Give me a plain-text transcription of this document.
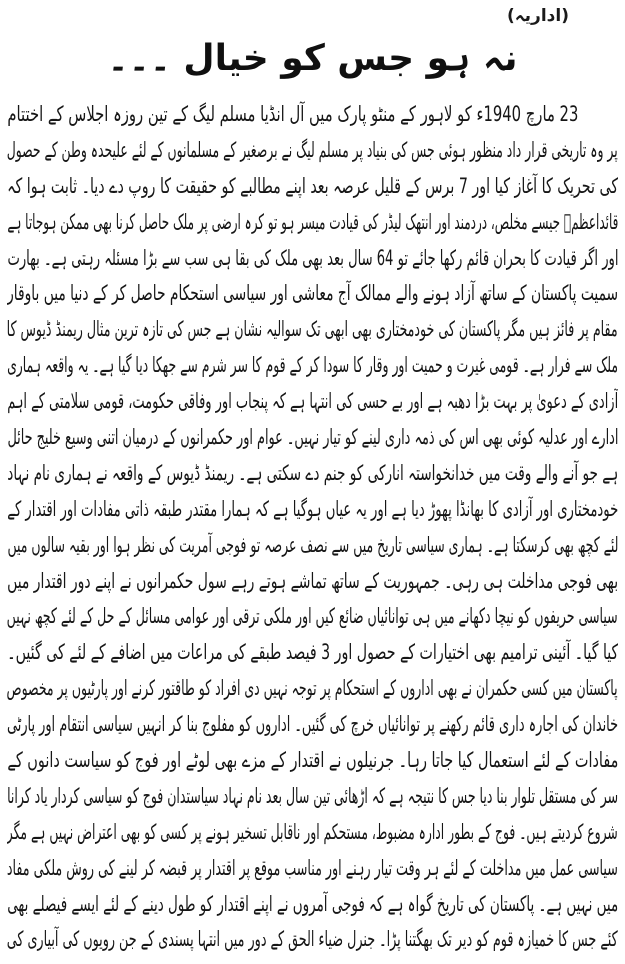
(اداریہ)
نہ ہو جس کو خیال ۔۔۔
23 مارچ 1940ء کو لاہور کے منٹو پارک میں آل انڈیا مسلم لیگ کے تین روزہ اجلاس کے اختتام
پر وہ تاریخی قرار داد منظور ہوئی جس کی بنیاد پر مسلم لیگ نے برصغیر کے مسلمانوں کے لئے علیحدہ وطن کے حصول
کی تحریک کا آغاز کیا اور 7 برس کے قلیل عرصہ بعد اپنے مطالبے کو حقیقت کا روپ دے دیا۔ ثابت ہوا کہ
قائداعظمؒ جیسے مخلص، دردمند اور انتھک لیڈر کی قیادت میسر ہو تو کرہ ارضی پر ملک حاصل کرنا بھی ممکن ہوجاتا ہے
اور اگر قیادت کا بحران قائم رکھا جائے تو 64 سال بعد بھی ملک کی بقا ہی سب سے بڑا مسئلہ رہتی ہے۔ بھارت
سمیت پاکستان کے ساتھ آزاد ہونے والے ممالک آج معاشی اور سیاسی استحکام حاصل کر کے دنیا میں باوقار
مقام پر فائز ہیں مگر پاکستان کی خودمختاری بھی ابھی تک سوالیہ نشان ہے جس کی تازہ ترین مثال ریمنڈ ڈیوس کا
ملک سے فرار ہے۔ قومی غیرت و حمیت اور وقار کا سودا کر کے قوم کا سر شرم سے جھکا دیا گیا ہے۔ یہ واقعہ ہماری
آزادی کے دعویٰ پر بہت بڑا دھبہ ہے اور بے حسی کی انتہا ہے کہ پنجاب اور وفاقی حکومت، قومی سلامتی کے اہم
ادارے اور عدلیہ کوئی بھی اس کی ذمہ داری لینے کو تیار نہیں۔ عوام اور حکمرانوں کے درمیان اتنی وسیع خلیج حائل
ہے جو آنے والے وقت میں خدانخواستہ انارکی کو جنم دے سکتی ہے۔ ریمنڈ ڈیوس کے واقعہ نے ہماری نام نہاد
خودمختاری اور آزادی کا بھانڈا پھوڑ دیا ہے اور یہ عیاں ہوگیا ہے کہ ہمارا مقتدر طبقہ ذاتی مفادات اور اقتدار کے
لئے کچھ بھی کرسکتا ہے۔ ہماری سیاسی تاریخ میں سے نصف عرصہ تو فوجی آمریت کی نظر ہوا اور بقیہ سالوں میں
بھی فوجی مداخلت ہی رہی۔ جمہوریت کے ساتھ تماشے ہوتے رہے سول حکمرانوں نے اپنے دور اقتدار میں
سیاسی حریفوں کو نیچا دکھانے میں ہی توانائیاں ضائع کیں اور ملکی ترقی اور عوامی مسائل کے حل کے لئے کچھ نہیں
کیا گیا۔ آئینی ترامیم بھی اختیارات کے حصول اور 3 فیصد طبقے کی مراعات میں اضافے کے لئے کی گئیں۔
پاکستان میں کسی حکمران نے بھی اداروں کے استحکام پر توجہ نہیں دی افراد کو طاقتور کرنے اور پارٹیوں پر مخصوص
خاندان کی اجارہ داری قائم رکھنے پر توانائیاں خرچ کی گئیں۔ اداروں کو مفلوج بنا کر انہیں سیاسی انتقام اور پارٹی
مفادات کے لئے استعمال کیا جاتا رہا۔ جرنیلوں نے اقتدار کے مزے بھی لوٹے اور فوج کو سیاست دانوں کے
سر کی مستقل تلوار بنا دیا جس کا نتیجہ ہے کہ اڑھائی تین سال بعد نام نہاد سیاستدان فوج کو سیاسی کردار یاد کرانا
شروع کردیتے ہیں۔ فوج کے بطور ادارہ مضبوط، مستحکم اور ناقابل تسخیر ہونے پر کسی کو بھی اعتراض نہیں ہے مگر
سیاسی عمل میں مداخلت کے لئے ہر وقت تیار رہنے اور مناسب موقع پر اقتدار پر قبضہ کر لینے کی روش ملکی مفاد
میں نہیں ہے۔ پاکستان کی تاریخ گواہ ہے کہ فوجی آمروں نے اپنے اقتدار کو طول دینے کے لئے ایسے فیصلے بھی
کئے جس کا خمیازہ قوم کو دیر تک بھگتنا پڑا۔ جنرل ضیاء الحق کے دور میں انتہا پسندی کے جن رویوں کی آبیاری کی
